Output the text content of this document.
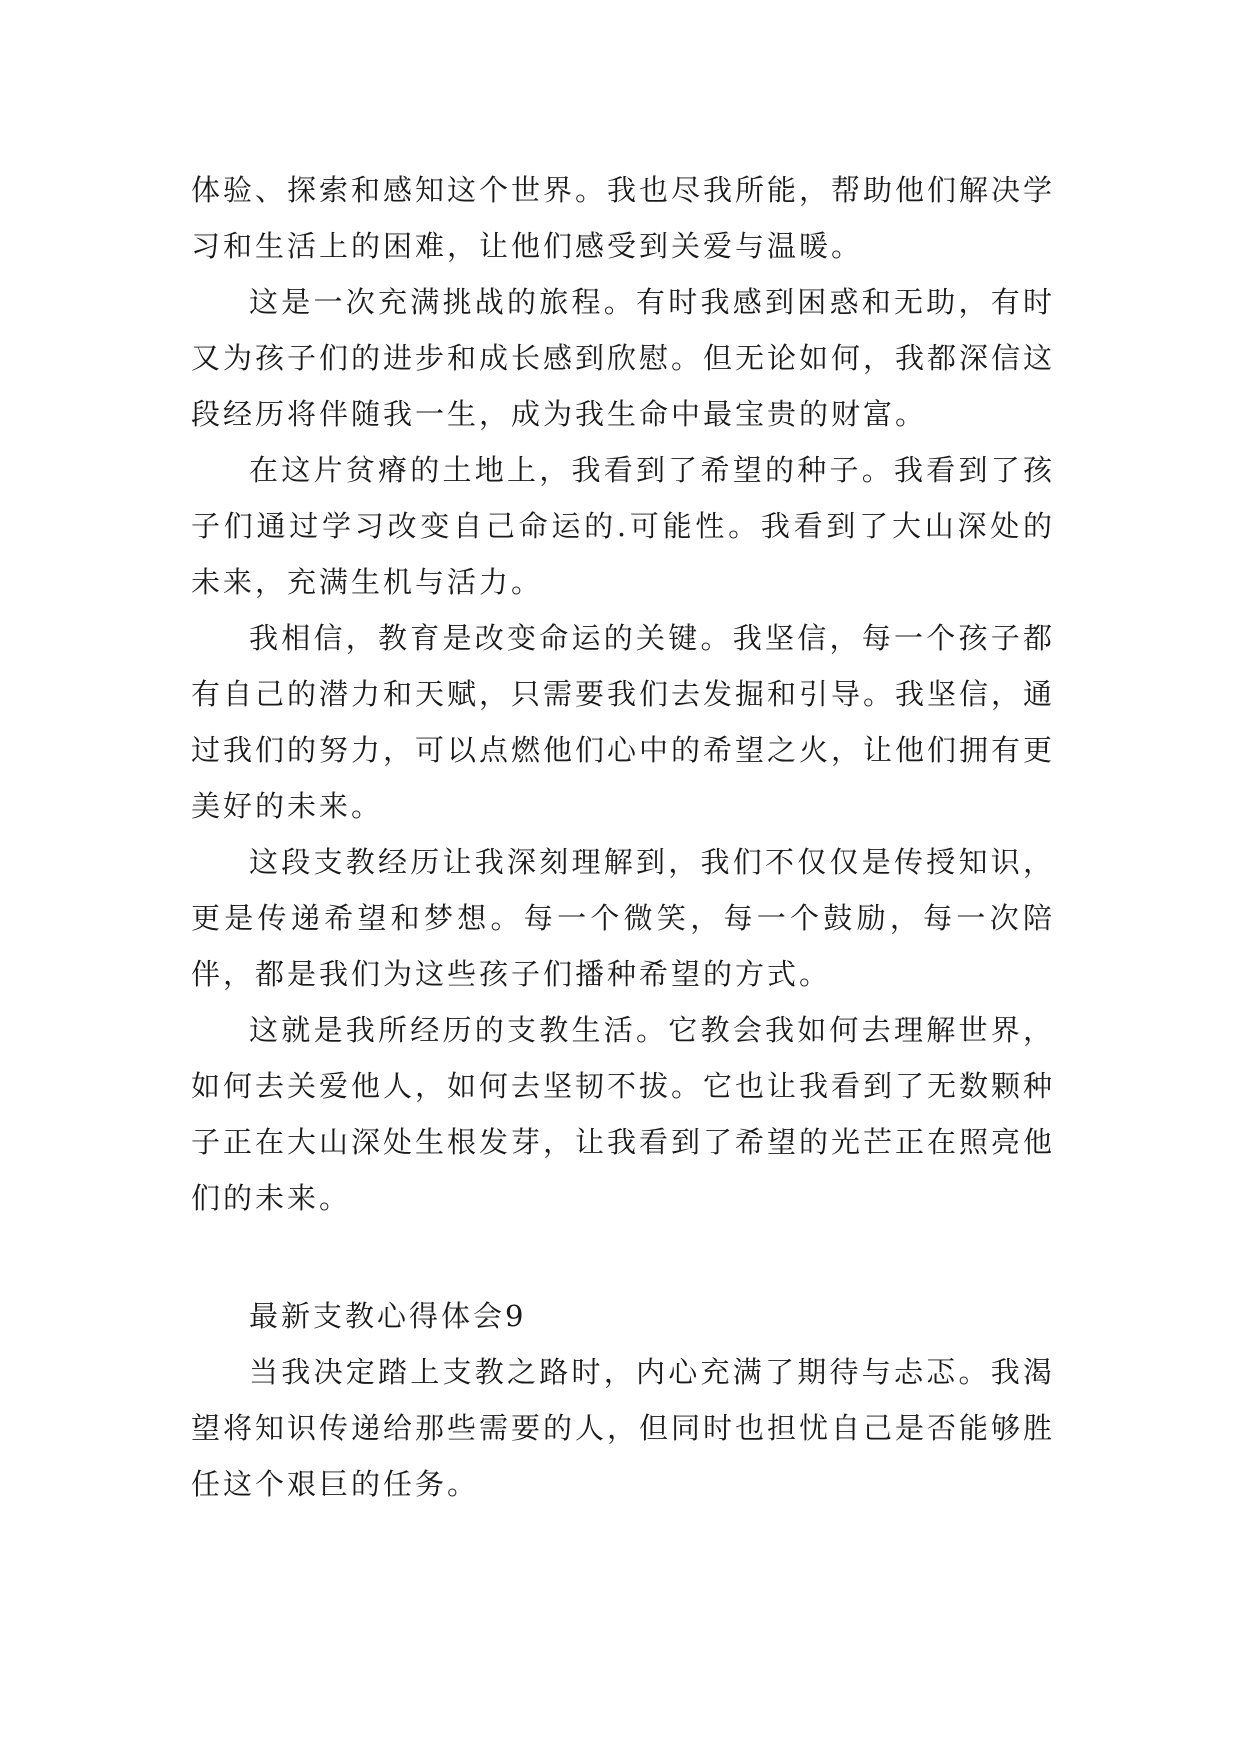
体验、探索和感知这个世界。我也尽我所能，帮助他们解决学习和生活上的困难，让他们感受到关爱与温暖。

这是一次充满挑战的旅程。有时我感到困惑和无助，有时又为孩子们的进步和成长感到欣慰。但无论如何，我都深信这段经历将伴随我一生，成为我生命中最宝贵的财富。

在这片贫瘠的土地上，我看到了希望的种子。我看到了孩子们通过学习改变自己命运的.可能性。我看到了大山深处的未来，充满生机与活力。

我相信，教育是改变命运的关键。我坚信，每一个孩子都有自己的潜力和天赋，只需要我们去发掘和引导。我坚信，通过我们的努力，可以点燃他们心中的希望之火，让他们拥有更美好的未来。

这段支教经历让我深刻理解到，我们不仅仅是传授知识，更是传递希望和梦想。每一个微笑，每一个鼓励，每一次陪伴，都是我们为这些孩子们播种希望的方式。

这就是我所经历的支教生活。它教会我如何去理解世界，如何去关爱他人，如何去坚韧不拔。它也让我看到了无数颗种子正在大山深处生根发芽，让我看到了希望的光芒正在照亮他们的未来。

最新支教心得体会9

当我决定踏上支教之路时，内心充满了期待与忐忑。我渴望将知识传递给那些需要的人，但同时也担忧自己是否能够胜任这个艰巨的任务。
